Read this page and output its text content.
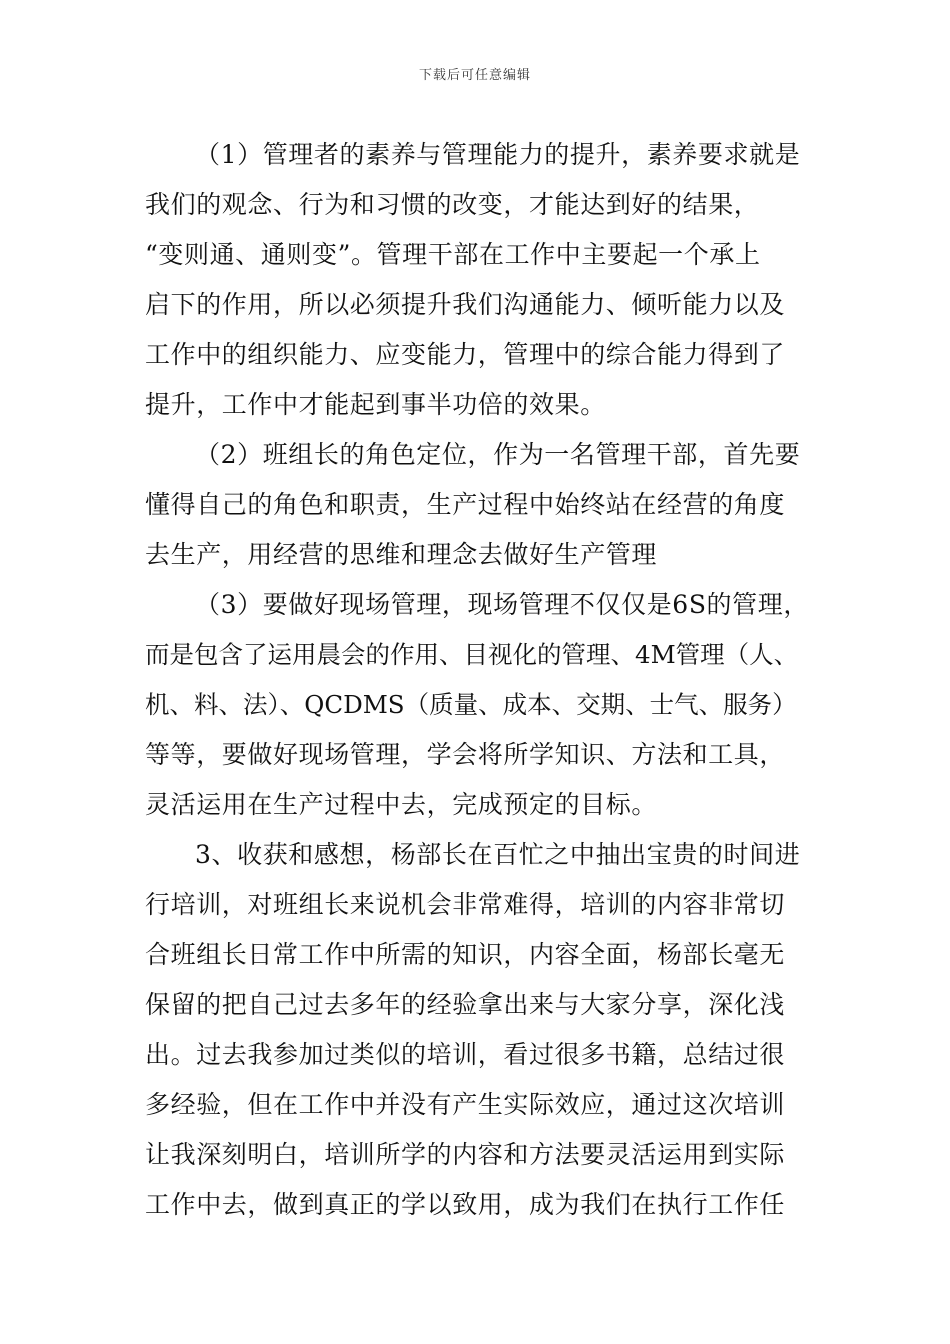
下载后可任意编辑
（1）管理者的素养与管理能力的提升，素养要求就是
我们的观念、行为和习惯的改变，才能达到好的结果，
“变则通、通则变”。管理干部在工作中主要起一个承上
启下的作用，所以必须提升我们沟通能力、倾听能力以及
工作中的组织能力、应变能力，管理中的综合能力得到了
提升，工作中才能起到事半功倍的效果。
（2）班组长的角色定位，作为一名管理干部，首先要
懂得自己的角色和职责，生产过程中始终站在经营的角度
去生产，用经营的思维和理念去做好生产管理
（3）要做好现场管理，现场管理不仅仅是6S的管理，
而是包含了运用晨会的作用、目视化的管理、4M管理（人、
机、料、法）、QCDMS（质量、成本、交期、士气、服务）
等等，要做好现场管理，学会将所学知识、方法和工具，
灵活运用在生产过程中去，完成预定的目标。
3、收获和感想，杨部长在百忙之中抽出宝贵的时间进
行培训，对班组长来说机会非常难得，培训的内容非常切
合班组长日常工作中所需的知识，内容全面，杨部长毫无
保留的把自己过去多年的经验拿出来与大家分享，深化浅
出。过去我参加过类似的培训，看过很多书籍，总结过很
多经验，但在工作中并没有产生实际效应，通过这次培训
让我深刻明白，培训所学的内容和方法要灵活运用到实际
工作中去，做到真正的学以致用，成为我们在执行工作任
